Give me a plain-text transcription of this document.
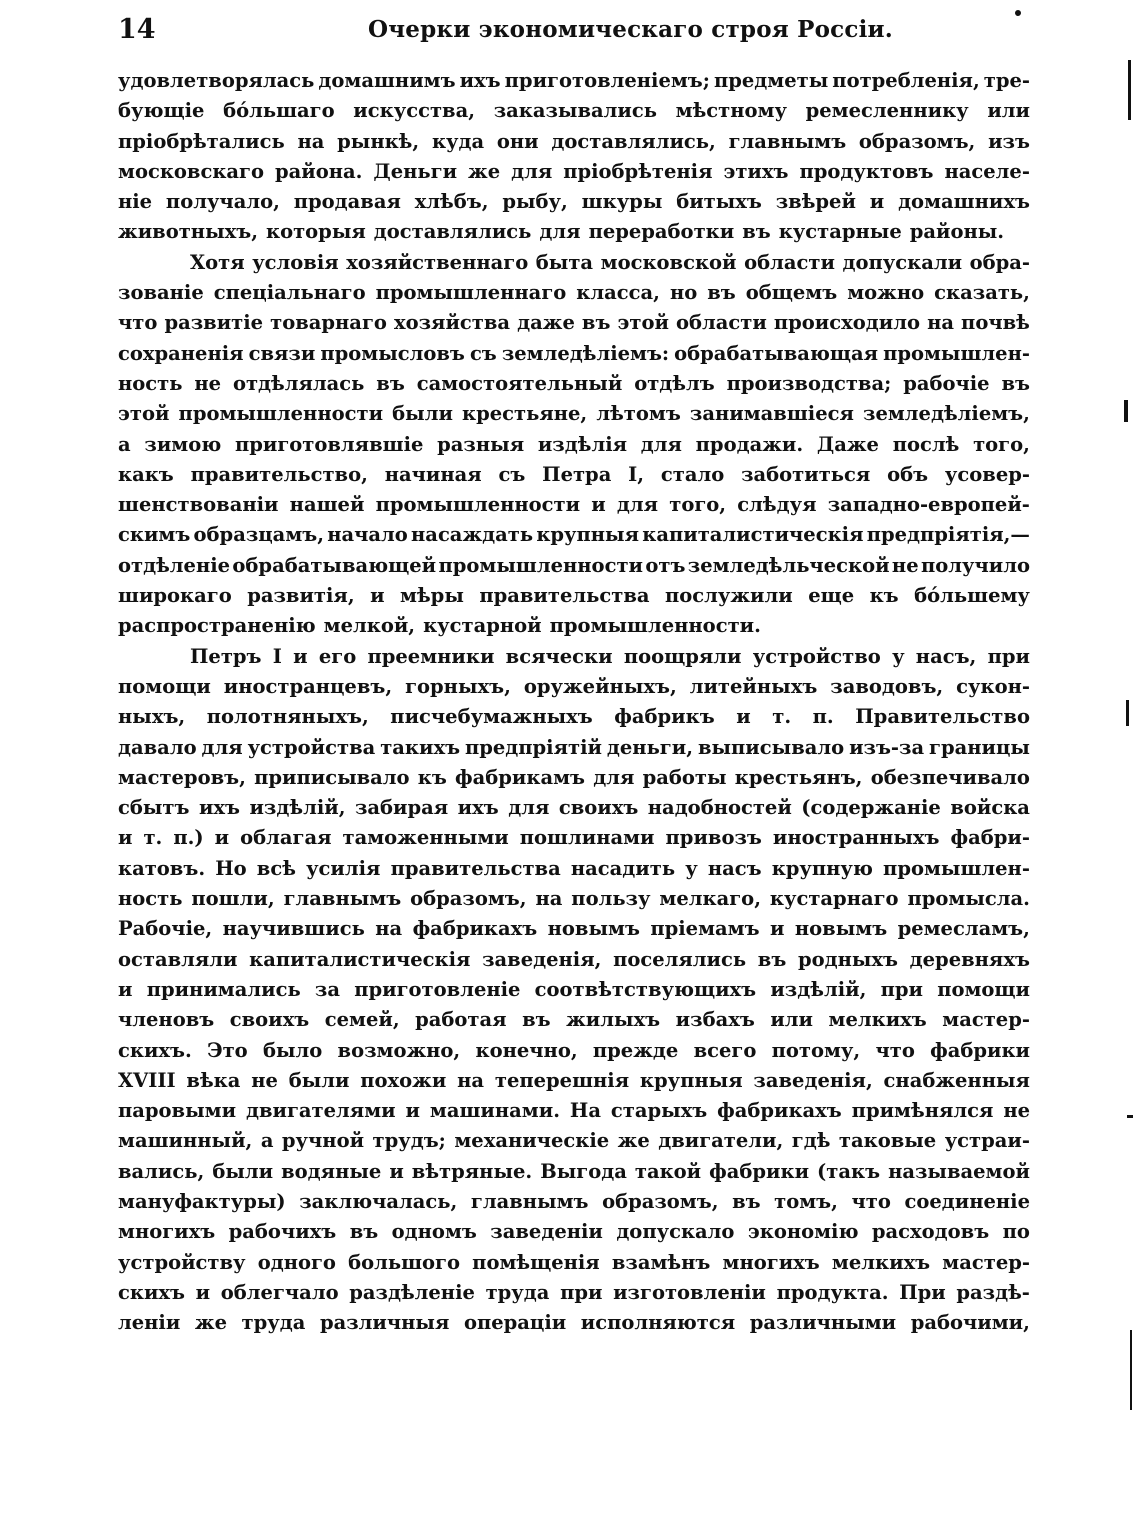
14	Очерки экономическаго строя Россіи.
удовлетворялась домашнимъ ихъ приготовленіемъ; предметы потребленія, тре-
бующіе бóльшаго искусства, заказывались мѣстному ремесленнику или
пріобрѣтались на рынкѣ, куда они доставлялись, главнымъ образомъ, изъ
московскаго района. Деньги же для пріобрѣтенія этихъ продуктовъ населе-
ніе получало, продавая хлѣбъ, рыбу, шкуры битыхъ звѣрей и домашнихъ
животныхъ, которыя доставлялись для переработки въ кустарные районы.
Хотя условія хозяйственнаго быта московской области допускали обра-
зованіе спеціальнаго промышленнаго класса, но въ общемъ можно сказать,
что развитіе товарнаго хозяйства даже въ этой области происходило на почвѣ
сохраненія связи промысловъ съ земледѣліемъ: обрабатывающая промышлен-
ность не отдѣлялась въ самостоятельный отдѣлъ производства; рабочіе въ
этой промышленности были крестьяне, лѣтомъ занимавшіеся земледѣліемъ,
а зимою приготовлявшіе разныя издѣлія для продажи. Даже послѣ того,
какъ правительство, начиная съ Петра I, стало заботиться объ усовер-
шенствованіи нашей промышленности и для того, слѣдуя западно-европей-
скимъ образцамъ, начало насаждать крупныя капиталистическія предпріятія,—
отдѣленіе обрабатывающей промышленности отъ земледѣльческой не получило
широкаго развитія, и мѣры правительства послужили еще къ бóльшему
распространенію мелкой, кустарной промышленности.
Петръ I и его преемники всячески поощряли устройство у насъ, при
помощи иностранцевъ, горныхъ, оружейныхъ, литейныхъ заводовъ, сукон-
ныхъ, полотняныхъ, писчебумажныхъ фабрикъ и т. п. Правительство
давало для устройства такихъ предпріятій деньги, выписывало изъ-за границы
мастеровъ, приписывало къ фабрикамъ для работы крестьянъ, обезпечивало
сбытъ ихъ издѣлій, забирая ихъ для своихъ надобностей (содержаніе войска
и т. п.) и облагая таможенными пошлинами привозъ иностранныхъ фабри-
катовъ. Но всѣ усилія правительства насадить у насъ крупную промышлен-
ность пошли, главнымъ образомъ, на пользу мелкаго, кустарнаго промысла.
Рабочіе, научившись на фабрикахъ новымъ пріемамъ и новымъ ремесламъ,
оставляли капиталистическія заведенія, поселялись въ родныхъ деревняхъ
и принимались за приготовленіе соотвѣтствующихъ издѣлій, при помощи
членовъ своихъ семей, работая въ жилыхъ избахъ или мелкихъ мастер-
скихъ. Это было возможно, конечно, прежде всего потому, что фабрики
XVIII вѣка не были похожи на теперешнія крупныя заведенія, снабженныя
паровыми двигателями и машинами. На старыхъ фабрикахъ примѣнялся не
машинный, а ручной трудъ; механическіе же двигатели, гдѣ таковые устраи-
вались, были водяные и вѣтряные. Выгода такой фабрики (такъ называемой
мануфактуры) заключалась, главнымъ образомъ, въ томъ, что соединеніе
многихъ рабочихъ въ одномъ заведеніи допускало экономію расходовъ по
устройству одного большого помѣщенія взамѣнъ многихъ мелкихъ мастер-
скихъ и облегчало раздѣленіе труда при изготовленіи продукта. При раздѣ-
леніи же труда различныя операціи исполняются различными рабочими,
